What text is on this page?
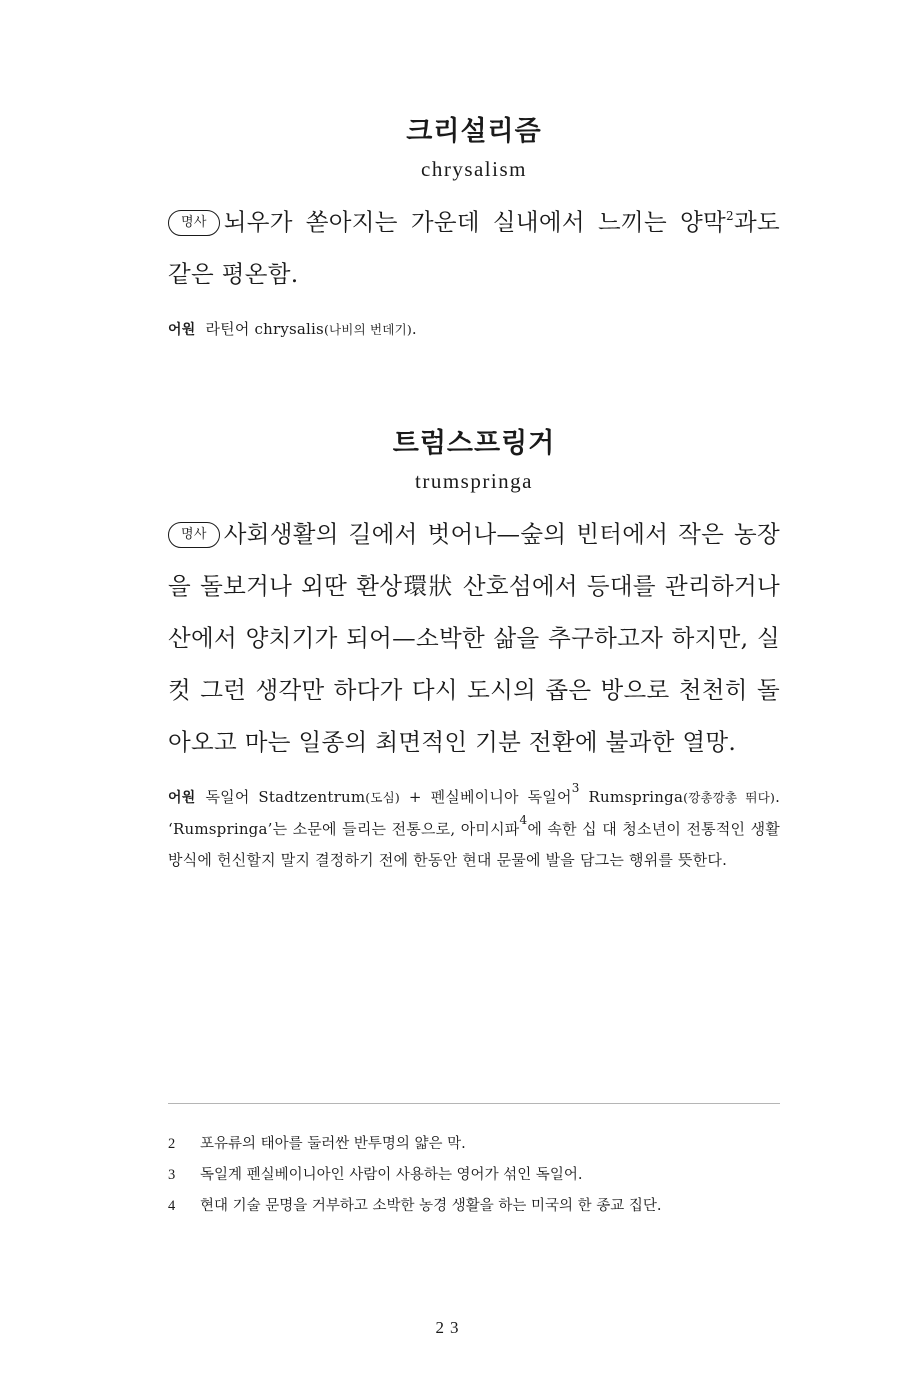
크리설리즘

chrysalism

명사 뇌우가 쏟아지는 가운데 실내에서 느끼는 양막$^2$과도 같은 평온함.

어원 라틴어 chrysalis(나비의 번데기).

트럼스프링거

trumspringa

명사 사회생활의 길에서 벗어나—숲의 빈터에서 작은 농장을 돌보거나 외딴 환상環狀 산호섬에서 등대를 관리하거나 산에서 양치기가 되어—소박한 삶을 추구하고자 하지만, 실컷 그런 생각만 하다가 다시 도시의 좁은 방으로 천천히 돌아오고 마는 일종의 최면적인 기분 전환에 불과한 열망.

어원 독일어 Stadtzentrum(도심) + 펜실베이니아 독일어$^3$ Rumspringa(깡총깡총 뛰다). ‘Rumspringa’는 소문에 들리는 전통으로, 아미시파$^4$에 속한 십 대 청소년이 전통적인 생활 방식에 헌신할지 말지 결정하기 전에 한동안 현대 문물에 발을 담그는 행위를 뜻한다.

2	포유류의 태아를 둘러싼 반투명의 얇은 막.

3	독일계 펜실베이니아인 사람이 사용하는 영어가 섞인 독일어.

4	현대 기술 문명을 거부하고 소박한 농경 생활을 하는 미국의 한 종교 집단.

23
